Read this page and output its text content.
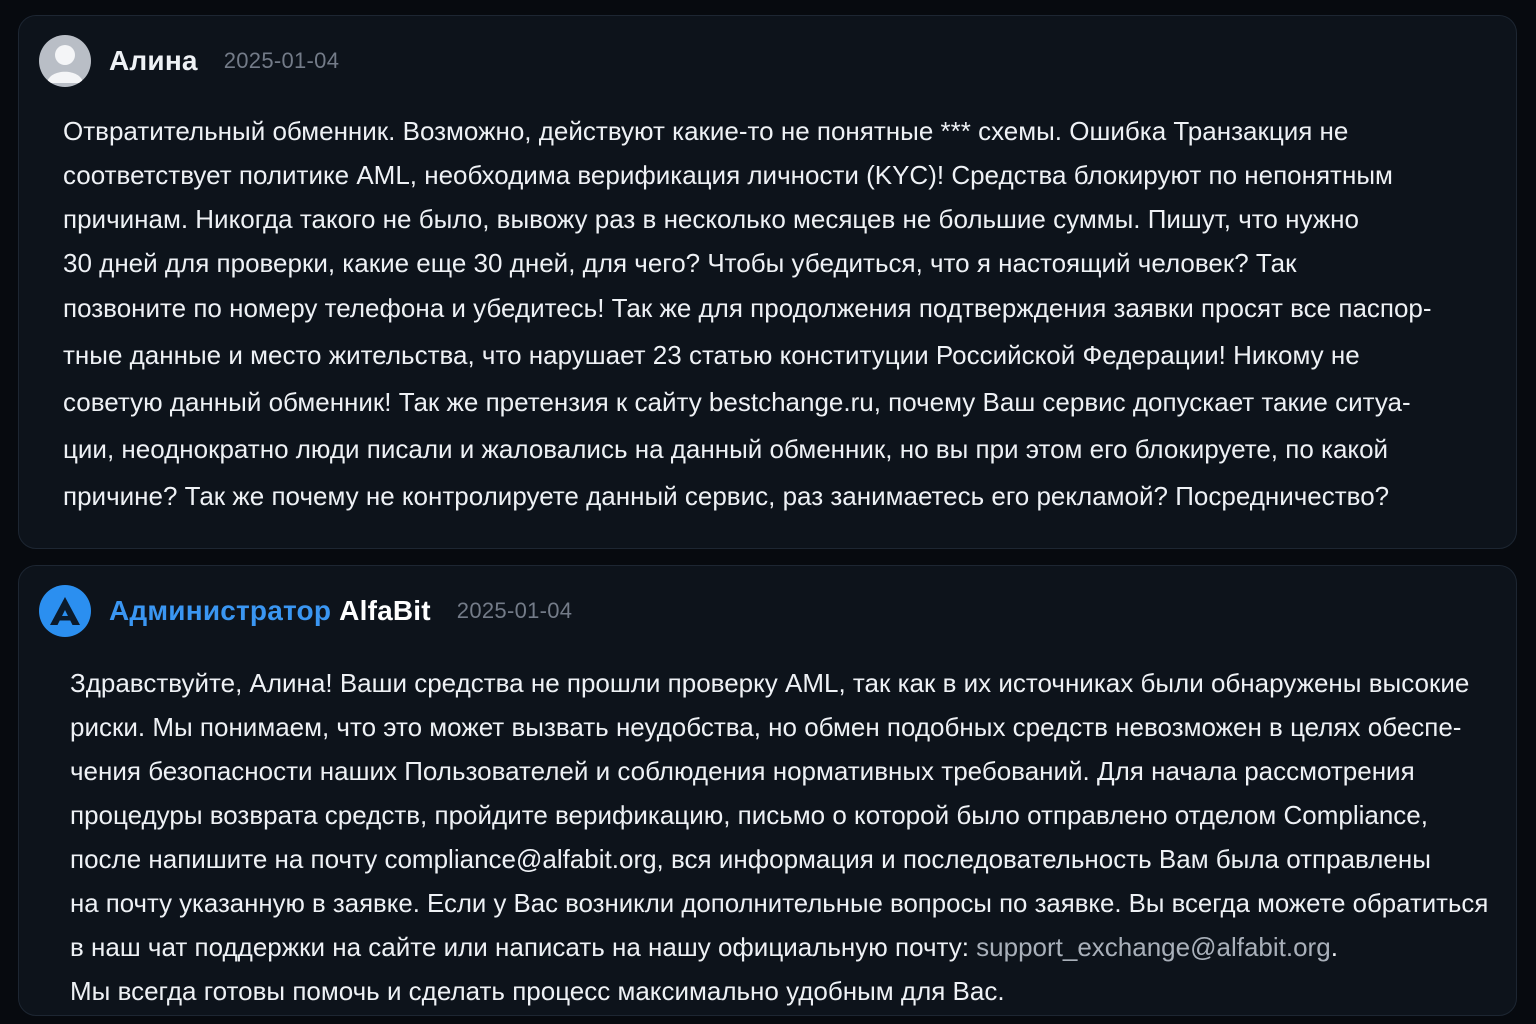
Алина 2025-01-04
Отвратительный обменник. Возможно, действуют какие-то не понятные *** схемы. Ошибка Транзакция не
соответствует политике AML, необходима верификация личности (KYC)! Средства блокируют по непонятным
причинам. Никогда такого не было, вывожу раз в несколько месяцев не большие суммы. Пишут, что нужно
30 дней для проверки, какие еще 30 дней, для чего? Чтобы убедиться, что я настоящий человек? Так
позвоните по номеру телефона и убедитесь! Так же для продолжения подтверждения заявки просят все паспор-
тные данные и место жительства, что нарушает 23 статью конституции Российской Федерации! Никому не
советую данный обменник! Так же претензия к сайту bestchange.ru, почему Ваш сервис допускает такие ситуа-
ции, неоднократно люди писали и жаловались на данный обменник, но вы при этом его блокируете, по какой
причине? Так же почему не контролируете данный сервис, раз занимаетесь его рекламой? Посредничество?
Администратор AlfaBit 2025-01-04
Здравствуйте, Алина! Ваши средства не прошли проверку AML, так как в их источниках были обнаружены высокие
риски. Мы понимаем, что это может вызвать неудобства, но обмен подобных средств невозможен в целях обеспе-
чения безопасности наших Пользователей и соблюдения нормативных требований. Для начала рассмотрения
процедуры возврата средств, пройдите верификацию, письмо о которой было отправлено отделом Compliance,
после напишите на почту compliance@alfabit.org, вся информация и последовательность Вам была отправлены
на почту указанную в заявке. Если у Вас возникли дополнительные вопросы по заявке. Вы всегда можете обратиться
в наш чат поддержки на сайте или написать на нашу официальную почту: support_exchange@alfabit.org.
Мы всегда готовы помочь и сделать процесс максимально удобным для Вас.
